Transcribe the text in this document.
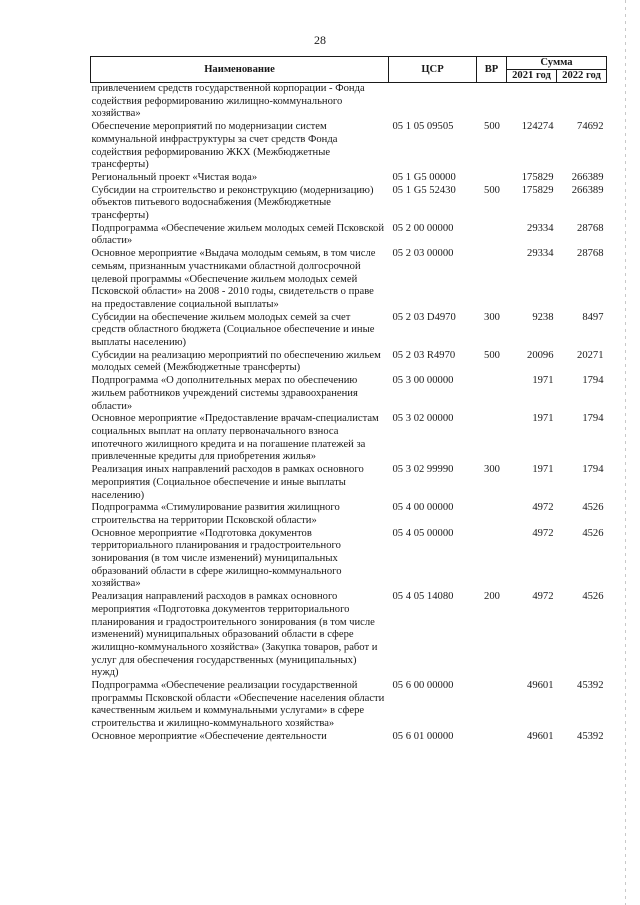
28
Наименование	ЦСР	ВР	Сумма	
			2021 год	2022 год
привлечением средств государственной корпорации - Фонда содействия реформированию жилищно-коммунального хозяйства»				
Обеспечение мероприятий по модернизации систем коммунальной инфраструктуры за счет средств Фонда содействия реформированию ЖКХ (Межбюджетные трансферты)	05 1 05 09505	500	124274	74692
Региональный проект «Чистая вода»	05 1 G5 00000		175829	266389
Субсидии на строительство и реконструкцию (модернизацию) объектов питьевого водоснабжения (Межбюджетные трансферты)	05 1 G5 52430	500	175829	266389
Подпрограмма «Обеспечение жильем молодых семей Псковской области»	05 2 00 00000		29334	28768
Основное мероприятие «Выдача молодым семьям, в том числе семьям, признанным участниками областной долгосрочной целевой программы «Обеспечение жильем молодых семей Псковской области» на 2008 - 2010 годы, свидетельств о праве на предоставление социальной выплаты»	05 2 03 00000		29334	28768
Субсидии на обеспечение жильем молодых семей за счет средств областного бюджета (Социальное обеспечение и иные выплаты населению)	05 2 03 D4970	300	9238	8497
Субсидии на реализацию мероприятий по обеспечению жильем молодых семей (Межбюджетные трансферты)	05 2 03 R4970	500	20096	20271
Подпрограмма «О дополнительных мерах по обеспечению жильем работников учреждений системы здравоохранения области»	05 3 00 00000		1971	1794
Основное мероприятие «Предоставление врачам-специалистам социальных выплат на оплату первоначального взноса ипотечного жилищного кредита и на погашение платежей за привлеченные кредиты для приобретения жилья»	05 3 02 00000		1971	1794
Реализация иных направлений расходов в рамках основного мероприятия (Социальное обеспечение и иные выплаты населению)	05 3 02 99990	300	1971	1794
Подпрограмма «Стимулирование развития жилищного строительства на территории Псковской области»	05 4 00 00000		4972	4526
Основное мероприятие «Подготовка документов территориального планирования и градостроительного зонирования (в том числе изменений) муниципальных образований области в сфере жилищно-коммунального хозяйства»	05 4 05 00000		4972	4526
Реализация направлений расходов в рамках основного мероприятия «Подготовка документов территориального планирования и градостроительного зонирования (в том числе изменений) муниципальных образований области в сфере жилищно-коммунального хозяйства» (Закупка товаров, работ и услуг для обеспечения государственных (муниципальных) нужд)	05 4 05 14080	200	4972	4526
Подпрограмма «Обеспечение реализации государственной программы Псковской области «Обеспечение населения области качественным жильем и коммунальными услугами» в сфере строительства и жилищно-коммунального хозяйства»	05 6 00 00000		49601	45392
Основное мероприятие «Обеспечение деятельности	05 6 01 00000		49601	45392
